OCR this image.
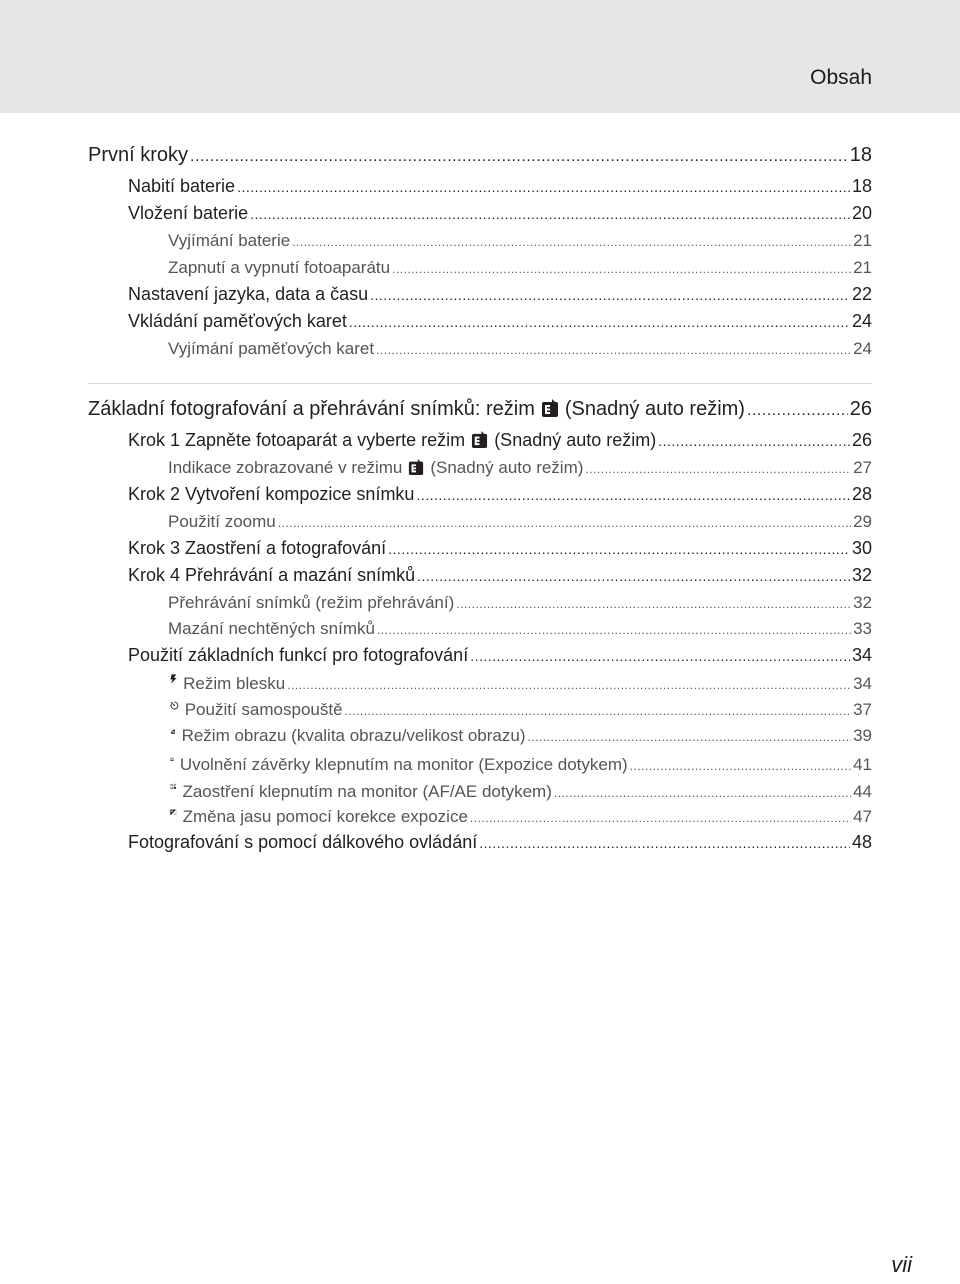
Obsah
První kroky .....	18
Nabití baterie .....	18
Vložení baterie .....	20
Vyjímání baterie .....	21
Zapnutí a vypnutí fotoaparátu .....	21
Nastavení jazyka, data a času .....	22
Vkládání paměťových karet .....	24
Vyjímání paměťových karet .....	24
Základní fotografování a přehrávání snímků: režim (Snadný auto režim) .....	26
Krok 1 Zapněte fotoaparát a vyberte režim (Snadný auto režim) .....	26
Indikace zobrazované v režimu (Snadný auto režim) .....	27
Krok 2 Vytvoření kompozice snímku .....	28
Použití zoomu .....	29
Krok 3 Zaostření a fotografování .....	30
Krok 4 Přehrávání a mazání snímků .....	32
Přehrávání snímků (režim přehrávání) .....	32
Mazání nechtěných snímků .....	33
Použití základních funkcí pro fotografování .....	34
Režim blesku .....	34
Použití samospouště .....	37
Režim obrazu (kvalita obrazu/velikost obrazu) .....	39
Uvolnění závěrky klepnutím na monitor (Expozice dotykem) .....	41
AF
AE Zaostření klepnutím na monitor (AF/AE dotykem) .....	44
Změna jasu pomocí korekce expozice .....	47
Fotografování s pomocí dálkového ovládání .....	48
vii
